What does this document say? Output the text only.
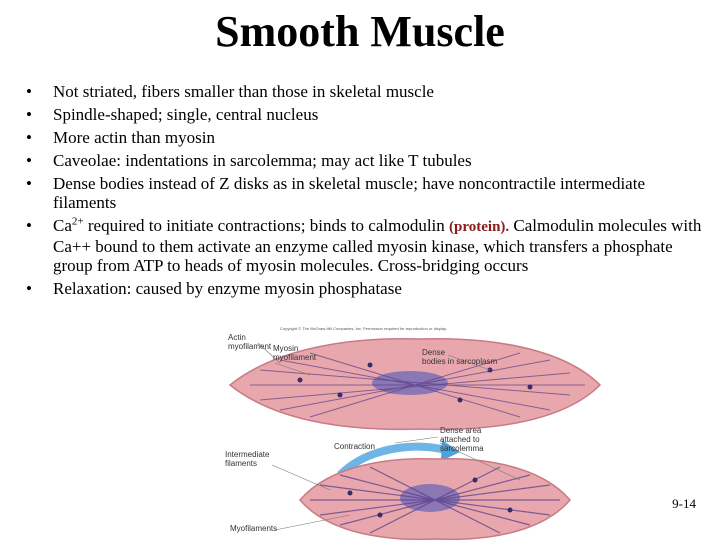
Smooth Muscle
• Not striated, fibers smaller than those in skeletal muscle
• Spindle-shaped; single, central nucleus
• More actin than myosin
• Caveolae: indentations in sarcolemma; may act like T tubules
• Dense bodies instead of Z disks as in skeletal muscle; have noncontractile intermediate filaments
• $Ca^{2+}$ required to initiate contractions; binds to calmodulin (protein). Calmodulin molecules with Ca++ bound to them activate an enzyme called myosin kinase, which transfers a phosphate group from ATP to heads of myosin molecules. Cross-bridging occurs
• Relaxation: caused by enzyme myosin phosphatase
Copyright © The McGraw-Hill Companies, Inc. Permission required for reproduction or display.
Actin
myofilament Myosin
myofilament
Dense
bodies in sarcoplasm
Contraction
Dense area
attached to
sarcolemma
Intermediate
filaments
Myofilaments
9-14
